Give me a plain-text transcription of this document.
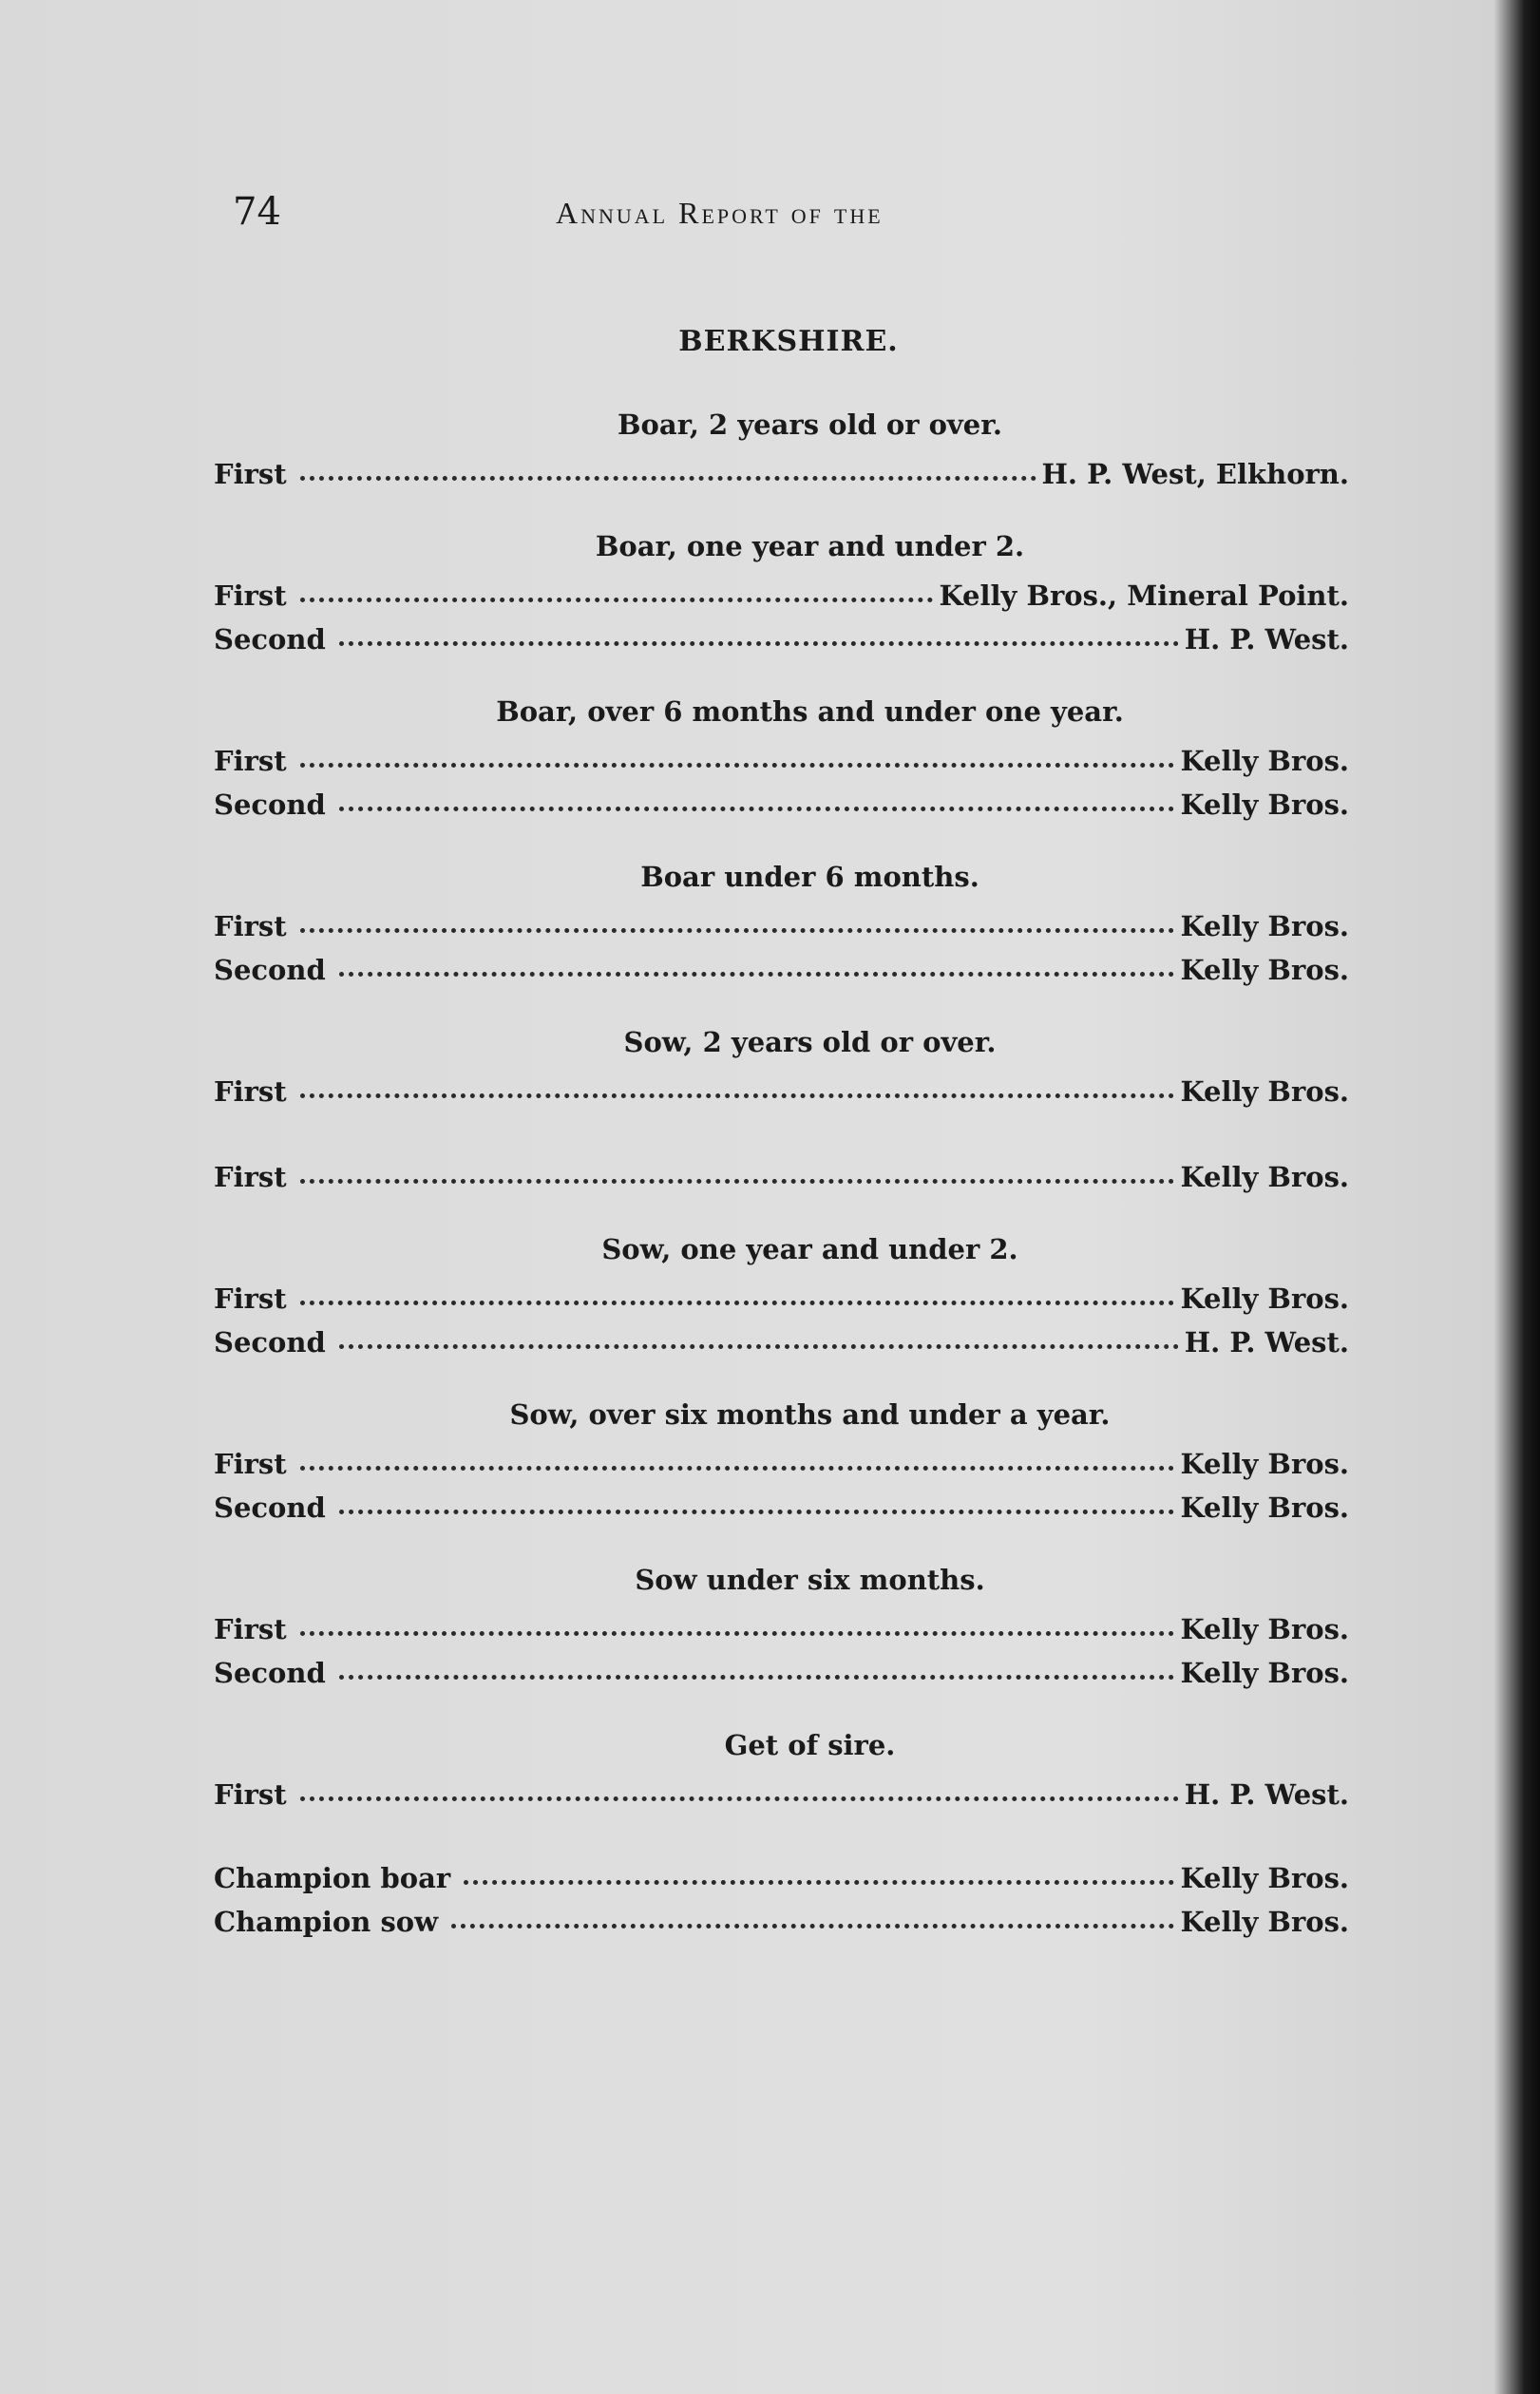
74	Annual Report of the
BERKSHIRE.
Boar, 2 years old or over.
First	H. P. West, Elkhorn.
Boar, one year and under 2.
First	Kelly Bros., Mineral Point.
Second	H. P. West.
Boar, over 6 months and under one year.
First	Kelly Bros.
Second	Kelly Bros.
Boar under 6 months.
First	Kelly Bros.
Second	Kelly Bros.
Sow, 2 years old or over.
First	Kelly Bros.
First	Kelly Bros.
Sow, one year and under 2.
First	Kelly Bros.
Second	H. P. West.
Sow, over six months and under a year.
First	Kelly Bros.
Second	Kelly Bros.
Sow under six months.
First	Kelly Bros.
Second	Kelly Bros.
Get of sire.
First	H. P. West.
Champion boar	Kelly Bros.
Champion sow	Kelly Bros.
